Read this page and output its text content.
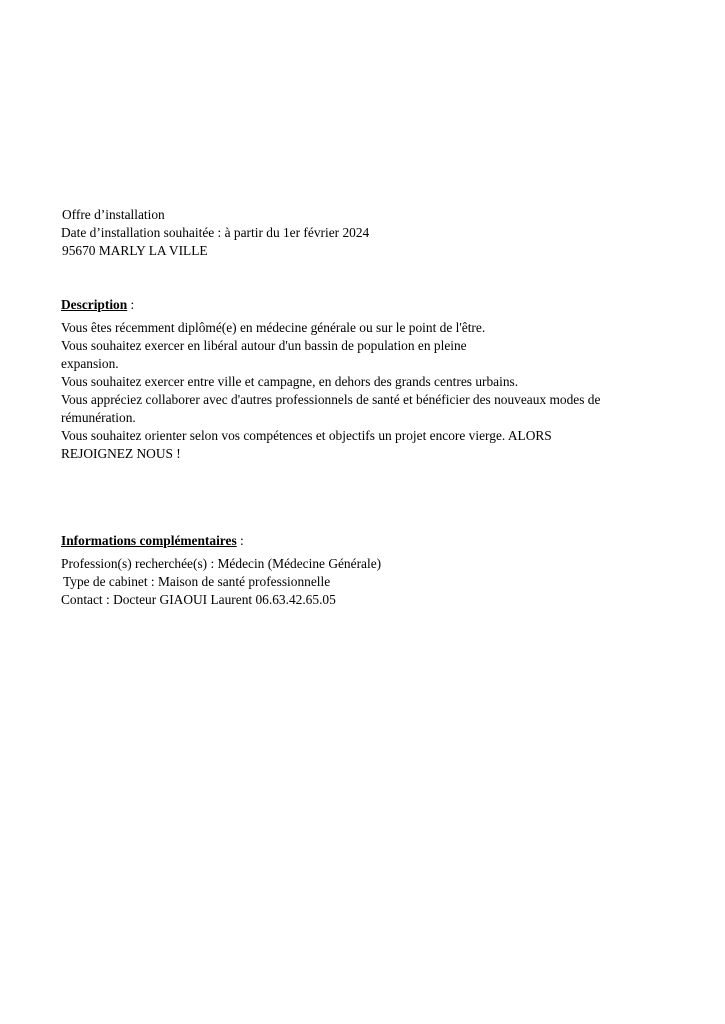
Offre d’installation
Date d’installation souhaitée : à partir du 1er février 2024
95670 MARLY LA VILLE
Description :
Vous êtes récemment diplômé(e) en médecine générale ou sur le point de l'être.
Vous souhaitez exercer en libéral autour d'un bassin de population en pleine
expansion.
Vous souhaitez exercer entre ville et campagne, en dehors des grands centres urbains.
Vous appréciez collaborer avec d'autres professionnels de santé et bénéficier des nouveaux modes de
rémunération.
Vous souhaitez orienter selon vos compétences et objectifs un projet encore vierge. ALORS
REJOIGNEZ NOUS !
Informations complémentaires :
Profession(s) recherchée(s) : Médecin (Médecine Générale)
Type de cabinet : Maison de santé professionnelle
Contact : Docteur GIAOUI Laurent 06.63.42.65.05
